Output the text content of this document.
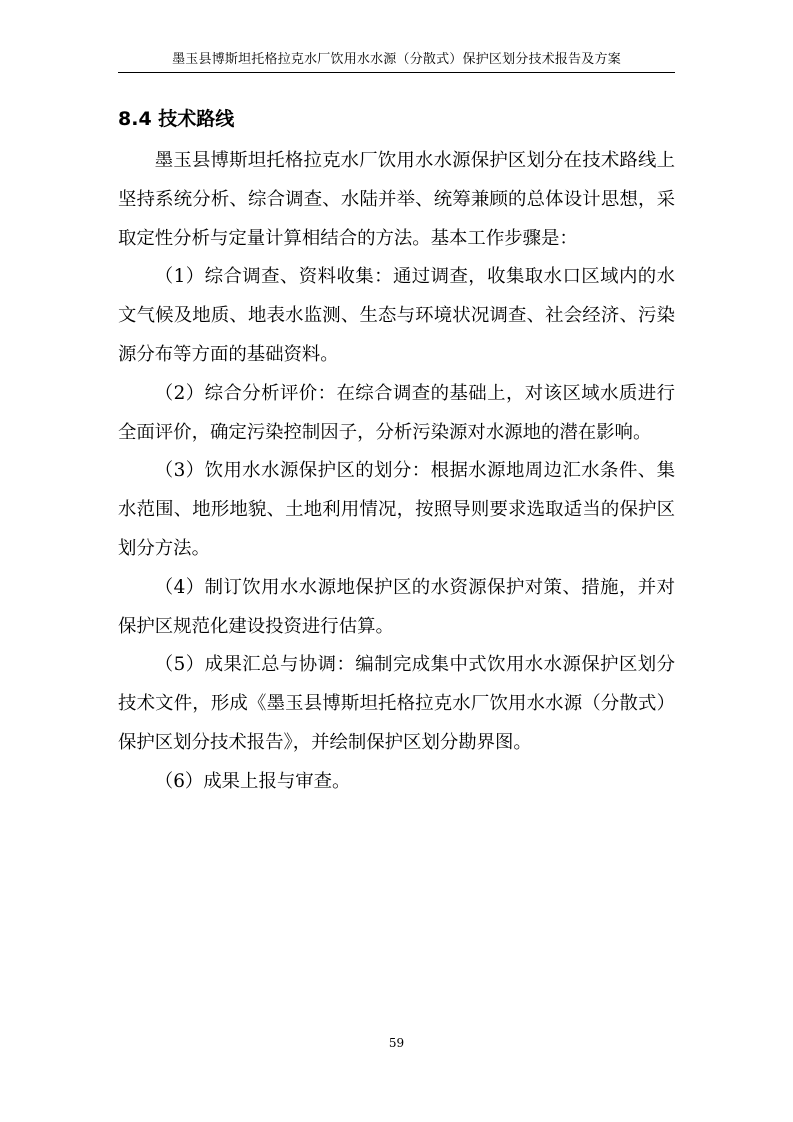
墨玉县博斯坦托格拉克水厂饮用水水源（分散式）保护区划分技术报告及方案
8.4 技术路线

墨玉县博斯坦托格拉克水厂饮用水水源保护区划分在技术路线上坚持系统分析、综合调查、水陆并举、统筹兼顾的总体设计思想，采取定性分析与定量计算相结合的方法。基本工作步骤是：

（1）综合调查、资料收集：通过调查，收集取水口区域内的水文气候及地质、地表水监测、生态与环境状况调查、社会经济、污染源分布等方面的基础资料。

（2）综合分析评价：在综合调查的基础上，对该区域水质进行全面评价，确定污染控制因子，分析污染源对水源地的潜在影响。

（3）饮用水水源保护区的划分：根据水源地周边汇水条件、集水范围、地形地貌、土地利用情况，按照导则要求选取适当的保护区划分方法。

（4）制订饮用水水源地保护区的水资源保护对策、措施，并对保护区规范化建设投资进行估算。

（5）成果汇总与协调：编制完成集中式饮用水水源保护区划分技术文件，形成《墨玉县博斯坦托格拉克水厂饮用水水源（分散式）保护区划分技术报告》，并绘制保护区划分勘界图。

（6）成果上报与审查。

59
